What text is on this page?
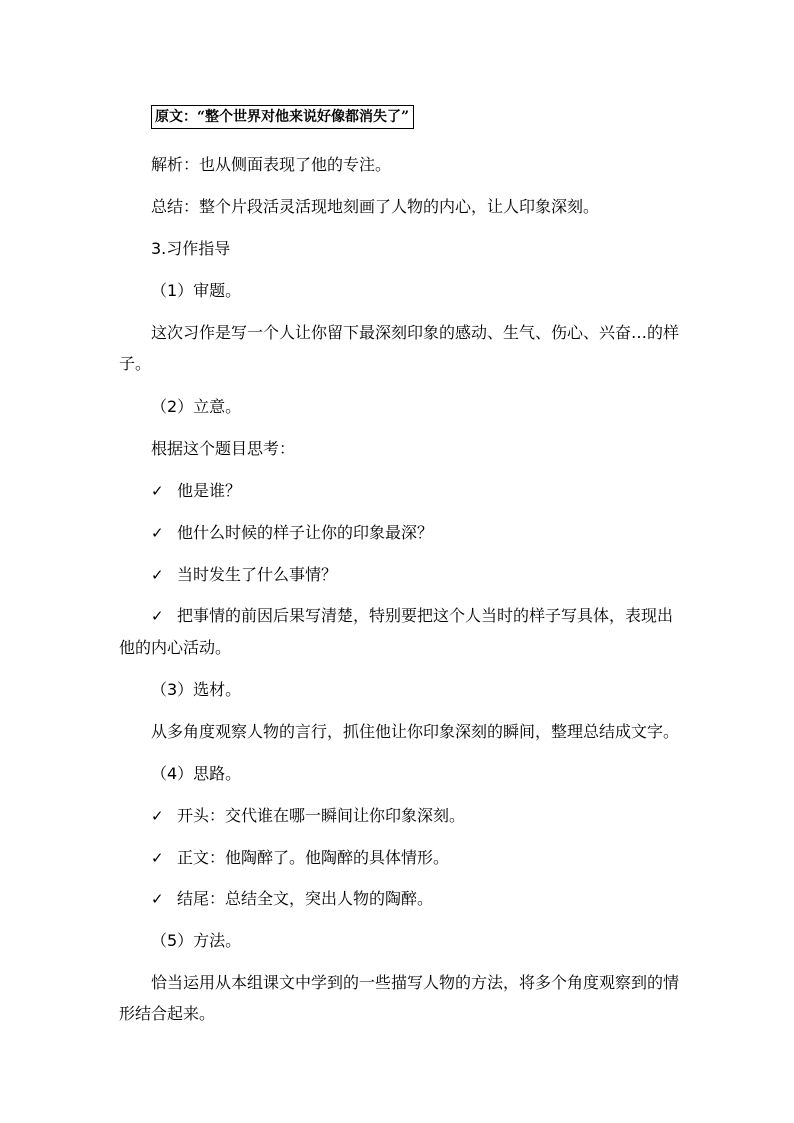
原文：“整个世界对他来说好像都消失了”
解析：也从侧面表现了他的专注。
总结：整个片段活灵活现地刻画了人物的内心，让人印象深刻。
3.习作指导
（1）审题。
这次习作是写一个人让你留下最深刻印象的感动、生气、伤心、兴奋…的样
子。
（2）立意。
根据这个题目思考：
✓ 他是谁？
✓ 他什么时候的样子让你的印象最深？
✓ 当时发生了什么事情？
✓ 把事情的前因后果写清楚，特别要把这个人当时的样子写具体，表现出
他的内心活动。
（3）选材。
从多角度观察人物的言行，抓住他让你印象深刻的瞬间，整理总结成文字。
（4）思路。
✓ 开头：交代谁在哪一瞬间让你印象深刻。
✓ 正文：他陶醉了。他陶醉的具体情形。
✓ 结尾：总结全文，突出人物的陶醉。
（5）方法。
恰当运用从本组课文中学到的一些描写人物的方法，将多个角度观察到的情
形结合起来。
